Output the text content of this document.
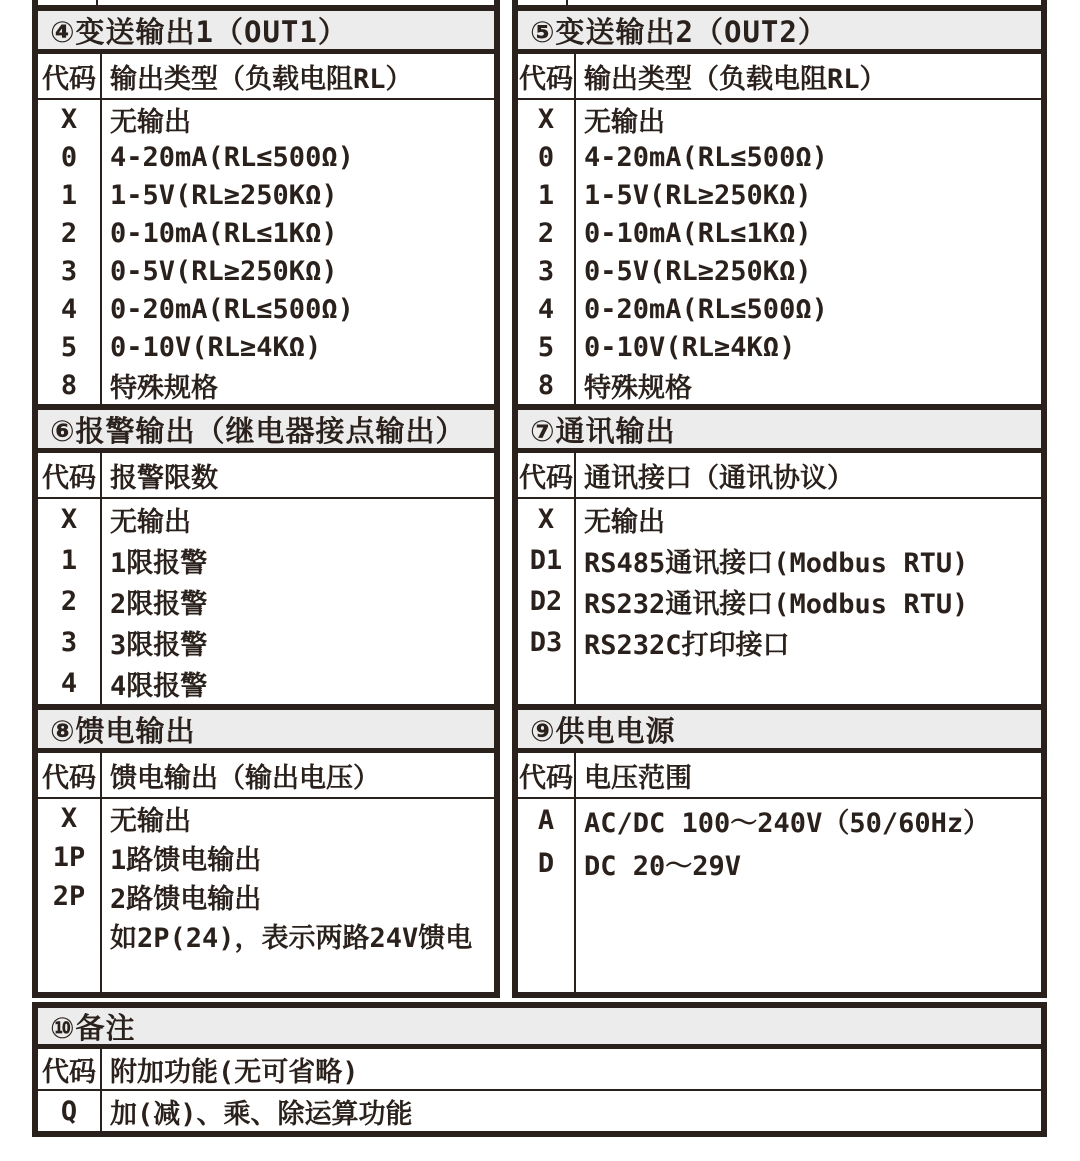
④变送输出1（OUT1）
代码 输出类型（负载电阻RL）
X
0
1
2
3
4
5
8
无输出
4-20mA(RL≤500Ω)
1-5V(RL≥250KΩ)
0-10mA(RL≤1KΩ)
0-5V(RL≥250KΩ)
0-20mA(RL≤500Ω)
0-10V(RL≥4KΩ)
特殊规格
⑥报警输出（继电器接点输出）
代码 报警限数
X
1
2
3
4
无输出
1限报警
2限报警
3限报警
4限报警
⑧馈电输出
代码 馈电输出（输出电压）
X
1P
2P
无输出
1路馈电输出
2路馈电输出
如2P(24)，表示两路24V馈电
⑤变送输出2（OUT2）
代码 输出类型（负载电阻RL）
X
0
1
2
3
4
5
8
无输出
4-20mA(RL≤500Ω)
1-5V(RL≥250KΩ)
0-10mA(RL≤1KΩ)
0-5V(RL≥250KΩ)
0-20mA(RL≤500Ω)
0-10V(RL≥4KΩ)
特殊规格
⑦通讯输出
代码 通讯接口（通讯协议）
X
D1
D2
D3
无输出
RS485通讯接口(Modbus RTU)
RS232通讯接口(Modbus RTU)
RS232C打印接口
⑨供电电源
代码 电压范围
A
D
AC/DC 100～240V（50/60Hz）
DC 20～29V
⑩备注
代码 附加功能(无可省略)
Q	加(减)、乘、除运算功能
